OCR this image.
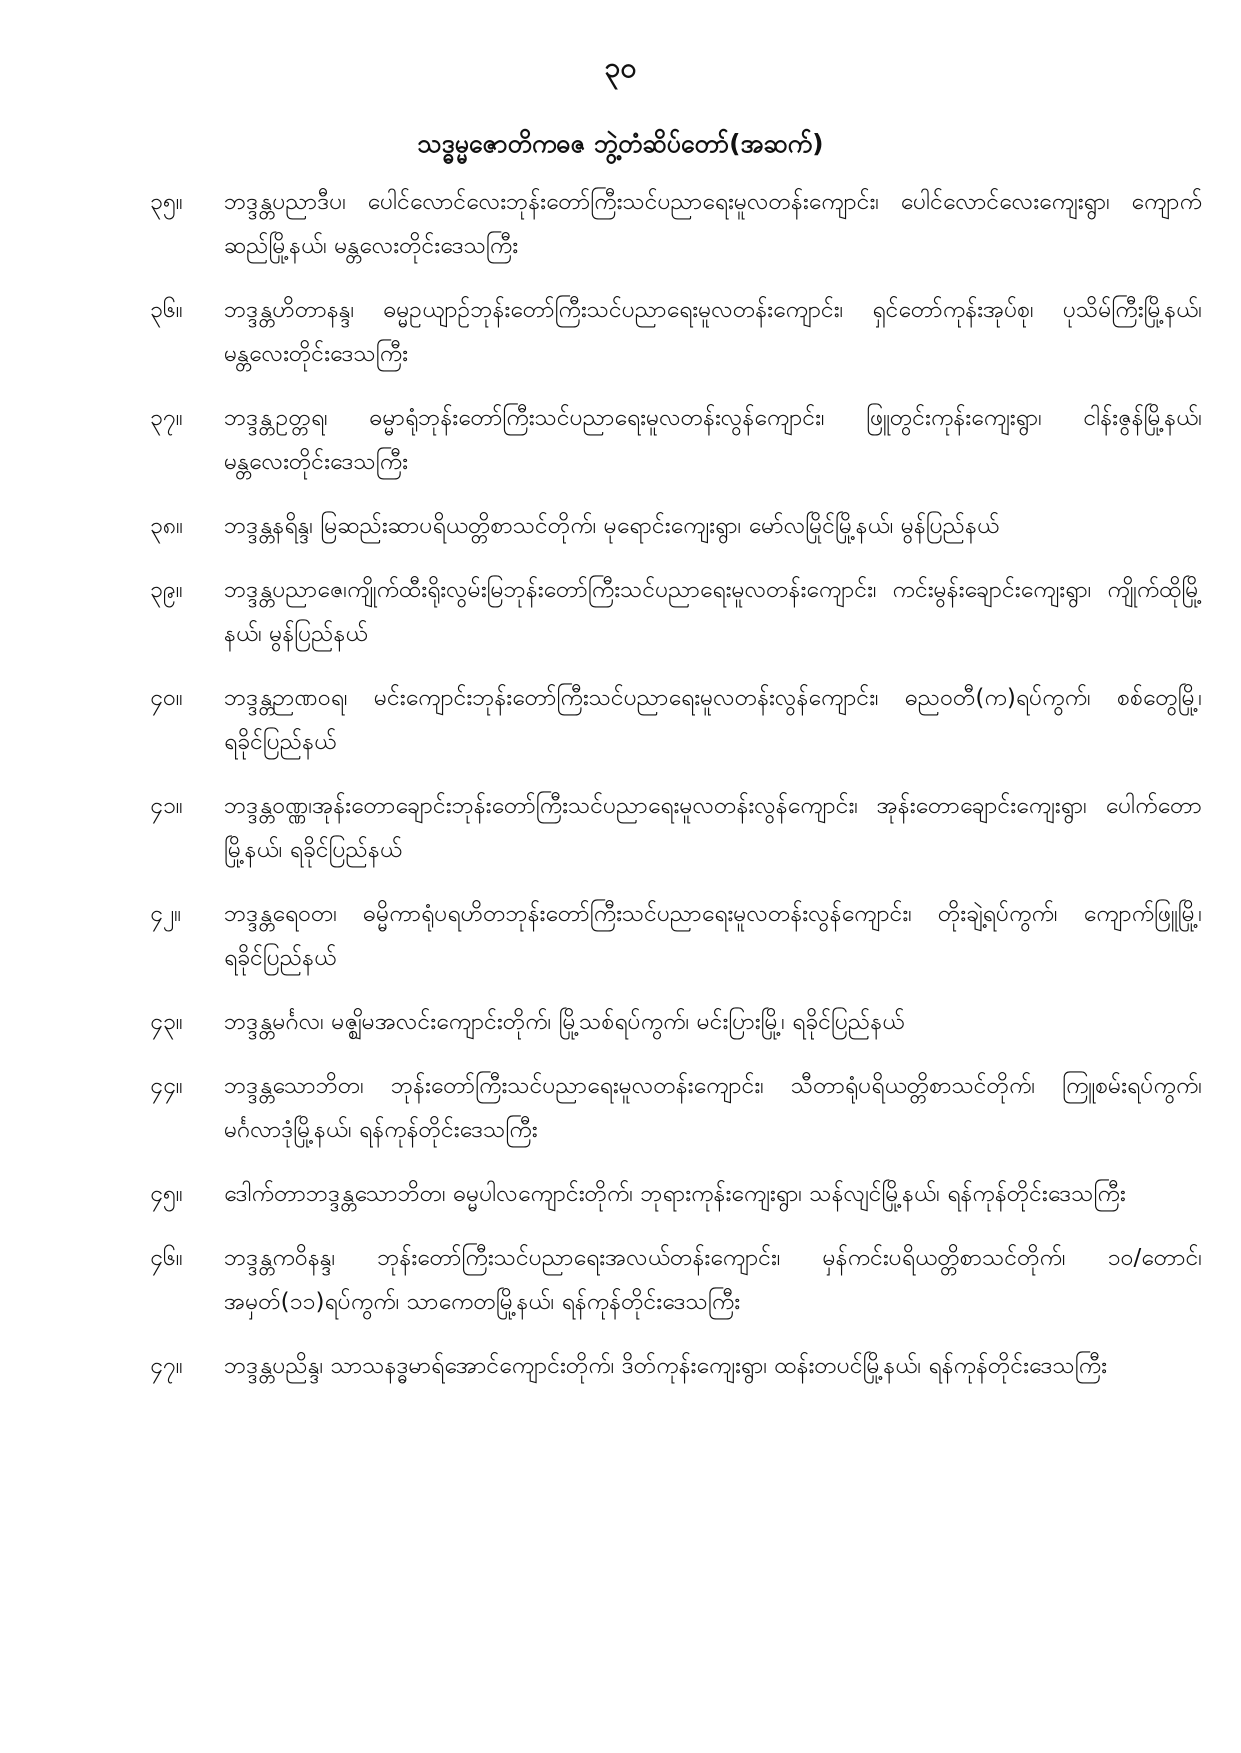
၃၀
သဒ္ဓမ္မဇောတိကဓဇ ဘွဲ့တံဆိပ်တော်(အဆက်)
၃၅။	ဘဒ္ဒန္တပညာဒီပ၊ ပေါင်လောင်လေးဘုန်းတော်ကြီးသင်ပညာရေးမူလတန်းကျောင်း၊ ပေါင်လောင်လေးကျေးရွာ၊ ကျောက်ဆည်မြို့နယ်၊ မန္တလေးတိုင်းဒေသကြီး
၃၆။	ဘဒ္ဒန္တဟိတာနန္ဒ၊ ဓမ္မဥယျာဉ်ဘုန်းတော်ကြီးသင်ပညာရေးမူလတန်းကျောင်း၊ ရှင်တော်ကုန်းအုပ်စု၊ ပုသိမ်ကြီးမြို့နယ်၊ မန္တလေးတိုင်းဒေသကြီး
၃၇။	ဘဒ္ဒန္တဥတ္တရ၊ ဓမ္မာရုံဘုန်းတော်ကြီးသင်ပညာရေးမူလတန်းလွန်ကျောင်း၊ ဖြူတွင်းကုန်းကျေးရွာ၊ ငါန်းဇွန်မြို့နယ်၊ မန္တလေးတိုင်းဒေသကြီး
၃၈။	ဘဒ္ဒန္တနရိန္ဒ၊ မြဆည်းဆာပရိယတ္တိစာသင်တိုက်၊ မုရောင်းကျေးရွာ၊ မော်လမြိုင်မြို့နယ်၊ မွန်ပြည်နယ်
၃၉။	ဘဒ္ဒန္တပညာဇေ၊ကျိုက်ထီးရိုးလွမ်းမြဘုန်းတော်ကြီးသင်ပညာရေးမူလတန်းကျောင်း၊ ကင်းမွန်းချောင်းကျေးရွာ၊ ကျိုက်ထိုမြို့နယ်၊ မွန်ပြည်နယ်
၄၀။	ဘဒ္ဒန္တဉာဏဝရ၊ မင်းကျောင်းဘုန်းတော်ကြီးသင်ပညာရေးမူလတန်းလွန်ကျောင်း၊ ဓညဝတီ(က)ရပ်ကွက်၊ စစ်တွေမြို့၊ ရခိုင်ပြည်နယ်
၄၁။	ဘဒ္ဒန္တဝဏ္ဏ၊အုန်းတောချောင်းဘုန်းတော်ကြီးသင်ပညာရေးမူလတန်းလွန်ကျောင်း၊ အုန်းတောချောင်းကျေးရွာ၊ ပေါက်တောမြို့နယ်၊ ရခိုင်ပြည်နယ်
၄၂။	ဘဒ္ဒန္တရေဝတ၊ ဓမ္မိကာရုံပရဟိတဘုန်းတော်ကြီးသင်ပညာရေးမူလတန်းလွန်ကျောင်း၊ တိုးချဲ့ရပ်ကွက်၊ ကျောက်ဖြူမြို့၊ ရခိုင်ပြည်နယ်
၄၃။	ဘဒ္ဒန္တမင်္ဂလ၊ မဇ္ဈိမအလင်းကျောင်းတိုက်၊ မြို့သစ်ရပ်ကွက်၊ မင်းပြားမြို့၊ ရခိုင်ပြည်နယ်
၄၄။	ဘဒ္ဒန္တသောဘိတ၊ ဘုန်းတော်ကြီးသင်ပညာရေးမူလတန်းကျောင်း၊ သီတာရုံပရိယတ္တိစာသင်တိုက်၊ ကြူစမ်းရပ်ကွက်၊ မင်္ဂလာဒုံမြို့နယ်၊ ရန်ကုန်တိုင်းဒေသကြီး
၄၅။	ဒေါက်တာဘဒ္ဒန္တသောဘိတ၊ ဓမ္မပါလကျောင်းတိုက်၊ ဘုရားကုန်းကျေးရွာ၊ သန်လျင်မြို့နယ်၊ ရန်ကုန်တိုင်းဒေသကြီး
၄၆။	ဘဒ္ဒန္တကဝိနန္ဒ၊ ဘုန်းတော်ကြီးသင်ပညာရေးအလယ်တန်းကျောင်း၊ မှန်ကင်းပရိယတ္တိစာသင်တိုက်၊ ၁၀/တောင်၊ အမှတ်(၁၁)ရပ်ကွက်၊ သာကေတမြို့နယ်၊ ရန်ကုန်တိုင်းဒေသကြီး
၄၇။	ဘဒ္ဒန္တပညိန္ဒ၊ သာသနဒ္ဓမာရ်အောင်ကျောင်းတိုက်၊ ဒိတ်ကုန်းကျေးရွာ၊ ထန်းတပင်မြို့နယ်၊ ရန်ကုန်တိုင်းဒေသကြီး
